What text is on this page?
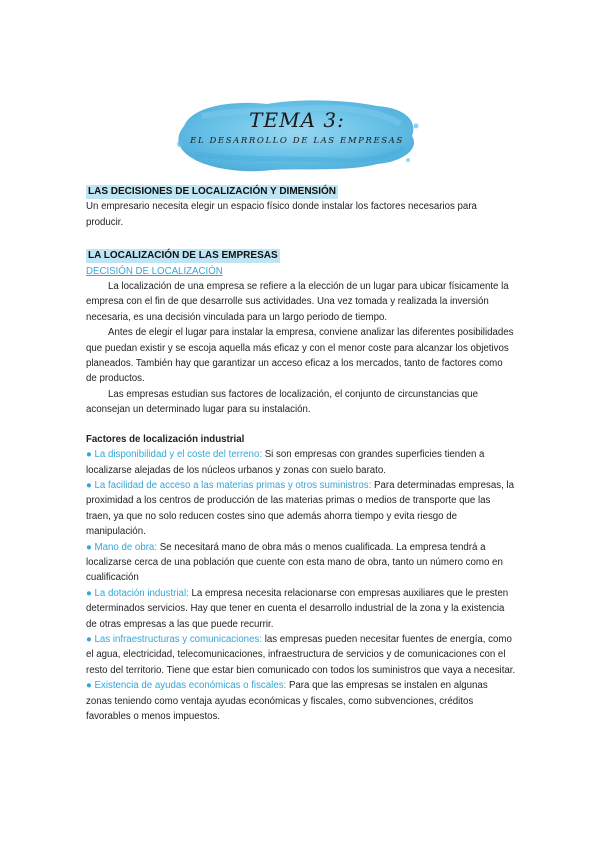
TEMA 3:
EL DESARROLLO DE LAS EMPRESAS
LAS DECISIONES DE LOCALIZACIÓN Y DIMENSIÓN

Un empresario necesita elegir un espacio físico donde instalar los factores necesarios para producir.

LA LOCALIZACIÓN DE LAS EMPRESAS
DECISIÓN DE LOCALIZACIÓN

La localización de una empresa se refiere a la elección de un lugar para ubicar físicamente la empresa con el fin de que desarrolle sus actividades. Una vez tomada y realizada la inversión necesaria, es una decisión vinculada para un largo periodo de tiempo.

Antes de elegir el lugar para instalar la empresa, conviene analizar las diferentes posibilidades que puedan existir y se escoja aquella más eficaz y con el menor coste para alcanzar los objetivos planeados. También hay que garantizar un acceso eficaz a los mercados, tanto de factores como de productos.

Las empresas estudian sus factores de localización, el conjunto de circunstancias que aconsejan un determinado lugar para su instalación.

Factores de localización industrial

● La disponibilidad y el coste del terreno: Si son empresas con grandes superficies tienden a localizarse alejadas de los núcleos urbanos y zonas con suelo barato.

● La facilidad de acceso a las materias primas y otros suministros: Para determinadas empresas, la proximidad a los centros de producción de las materias primas o medios de transporte que las traen, ya que no solo reducen costes sino que además ahorra tiempo y evita riesgo de manipulación.

● Mano de obra: Se necesitará mano de obra más o menos cualificada. La empresa tendrá a localizarse cerca de una población que cuente con esta mano de obra, tanto un número como en cualificación

● La dotación industrial: La empresa necesita relacionarse con empresas auxiliares que le presten determinados servicios. Hay que tener en cuenta el desarrollo industrial de la zona y la existencia de otras empresas a las que puede recurrir.

● Las infraestructuras y comunicaciones: las empresas pueden necesitar fuentes de energía, como el agua, electricidad, telecomunicaciones, infraestructura de servicios y de comunicaciones con el resto del territorio. Tiene que estar bien comunicado con todos los suministros que vaya a necesitar.

● Existencia de ayudas económicas o fiscales: Para que las empresas se instalen en algunas zonas teniendo como ventaja ayudas económicas y fiscales, como subvenciones, créditos favorables o menos impuestos.
